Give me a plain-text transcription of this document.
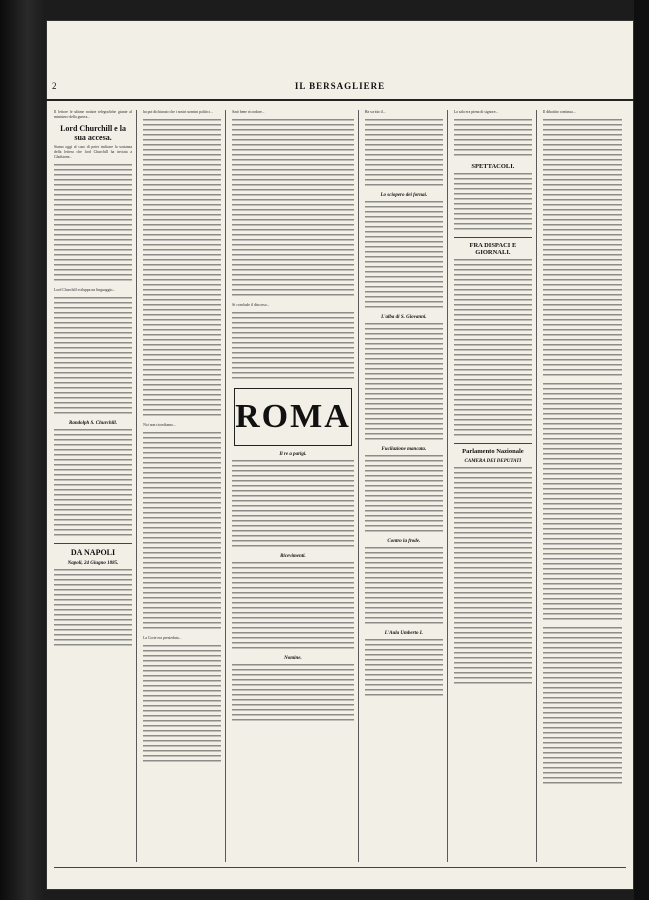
2	IL BERSAGLIERE

Il lettore le ultime notizie telegrafiche giunte al ministero della guerra...

Lord Churchill e la sua accesa.

Siamo oggi al caso di poter indicare la sostanza della lettera che lord Churchill ha inviata a Gladstone...

Lord Churchill sviluppa un linguaggio...

Randolph S. Churchill.
DA NAPOLI
Napoli, 24 Giugno 1885.

ha poi dichiarato che i nostri uomini politici...

Noi non ricordiamo...

La Corte era presieduta...

Sarà bene ricordare...

Si conclude il discorso...

ROMA
Il re a parigi.
Ricevimenti.
Nomine.

Ha scritto il...

Lo sciopero dei fornai.
L'alba di S. Giovanni.
Fucilazione mancata.
Contro la frode.
L'Aula Umberto I.

La sala era piena di signore...

SPETTACOLI.
FRA DISPACI E GIORNALI.
Parlamento Nazionale
CAMERA DEI DEPUTATI

Il dibattito continua...
